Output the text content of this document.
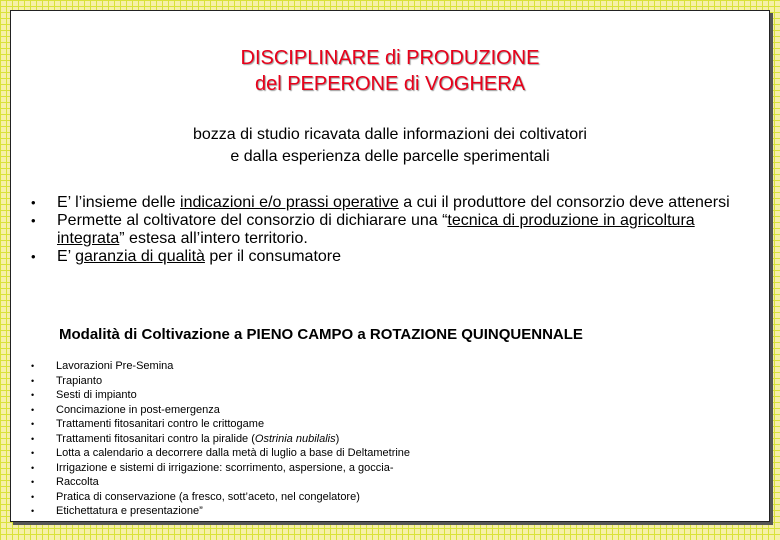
DISCIPLINARE di PRODUZIONE
del PEPERONE di VOGHERA
bozza di studio ricavata dalle informazioni dei coltivatori
e dalla esperienza delle parcelle sperimentali
• E’ l’insieme delle indicazioni e/o prassi operative a cui il produttore del consorzio deve attenersi
• Permette al coltivatore del consorzio di dichiarare una “tecnica di produzione in agricoltura integrata” estesa all’intero territorio.
• E’ garanzia di qualità per il consumatore
Modalità di Coltivazione a PIENO CAMPO a ROTAZIONE QUINQUENNALE
• Lavorazioni Pre-Semina
• Trapianto
• Sesti di impianto
• Concimazione in post-emergenza
• Trattamenti fitosanitari contro le crittogame
• Trattamenti fitosanitari contro la piralide (Ostrinia nubilalis)
• Lotta a calendario a decorrere dalla metà di luglio a base di Deltametrine
• Irrigazione e sistemi di irrigazione: scorrimento, aspersione, a goccia-
• Raccolta
• Pratica di conservazione (a fresco, sott’aceto, nel congelatore)
• Etichettatura e presentazione”
